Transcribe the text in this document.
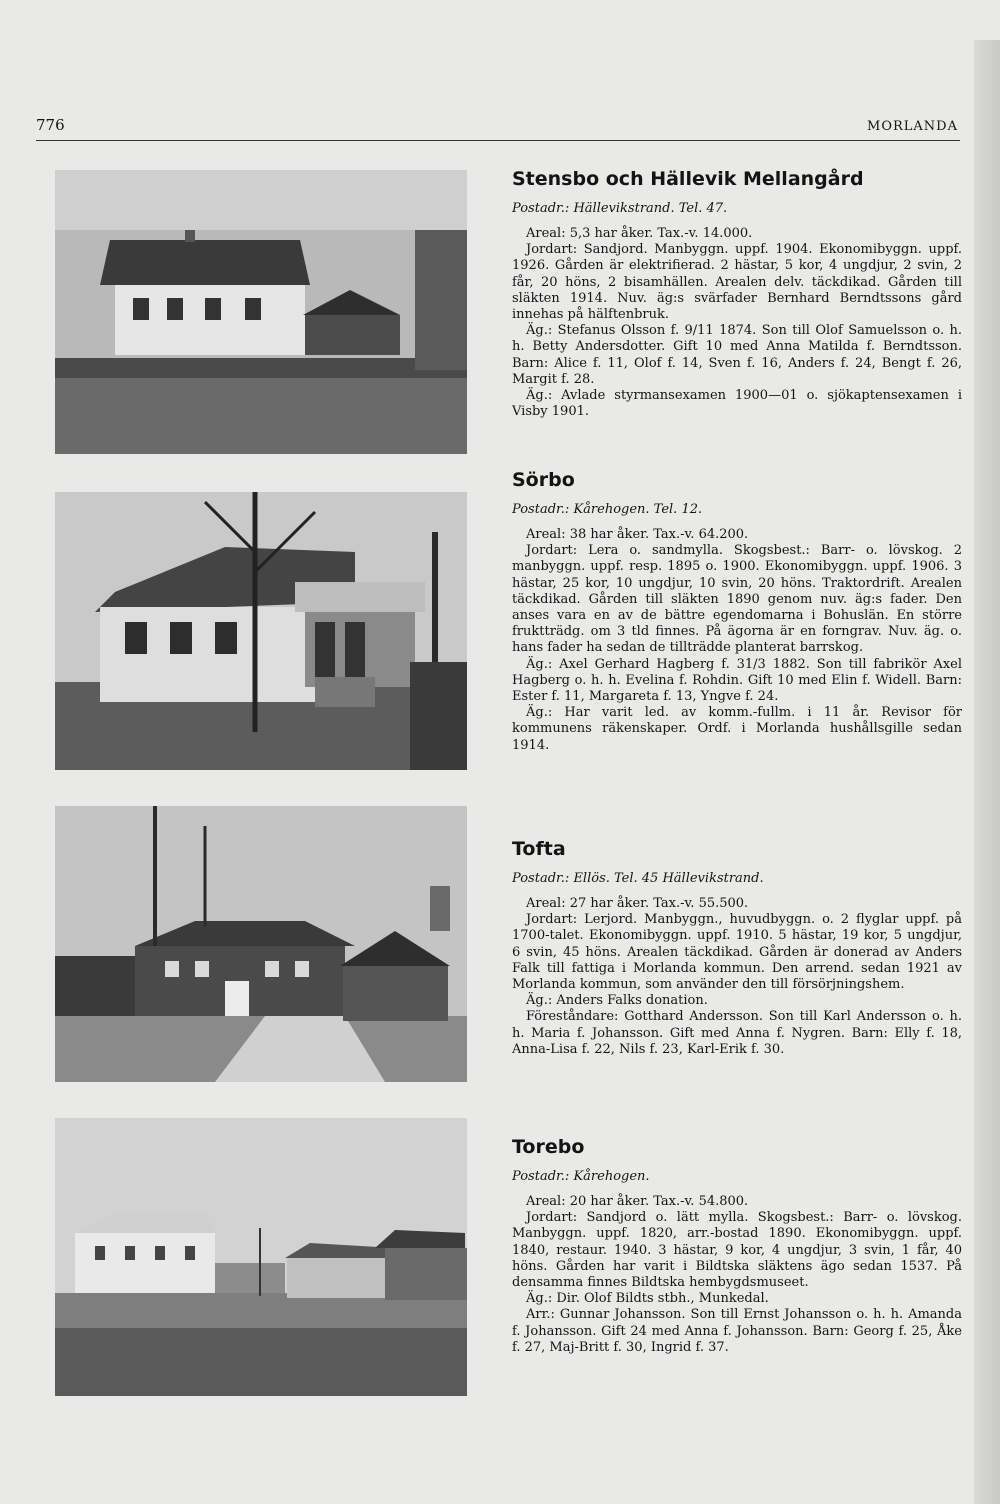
776	MORLANDA
Stensbo och Hällevik Mellangård
Postadr.: Hällevikstrand. Tel. 47.

Areal: 5,3 har åker. Tax.-v. 14.000.

Jordart: Sandjord. Manbyggn. uppf. 1904. Ekonomibyggn. uppf. 1926. Gården är elektrifierad. 2 hästar, 5 kor, 4 ungdjur, 2 svin, 2 får, 20 höns, 2 bisamhällen. Arealen delv. täckdikad. Gården till släkten 1914. Nuv. äg:s svärfader Bernhard Berndtssons gård innehas på hälftenbruk.

Äg.: Stefanus Olsson f. 9/11 1874. Son till Olof Samuelsson o. h. h. Betty Andersdotter. Gift 10 med Anna Matilda f. Berndtsson. Barn: Alice f. 11, Olof f. 14, Sven f. 16, Anders f. 24, Bengt f. 26, Margit f. 28.

Äg.: Avlade styrmansexamen 1900—01 o. sjökaptensexamen i Visby 1901.

Sörbo
Postadr.: Kårehogen. Tel. 12.

Areal: 38 har åker. Tax.-v. 64.200.

Jordart: Lera o. sandmylla. Skogsbest.: Barr- o. lövskog. 2 manbyggn. uppf. resp. 1895 o. 1900. Ekonomibyggn. uppf. 1906. 3 hästar, 25 kor, 10 ungdjur, 10 svin, 20 höns. Traktordrift. Arealen täckdikad. Gården till släkten 1890 genom nuv. äg:s fader. Den anses vara en av de bättre egendomarna i Bohuslän. En större fruktträdg. om 3 tld finnes. På ägorna är en forngrav. Nuv. äg. o. hans fader ha sedan de tillträdde planterat barrskog.

Äg.: Axel Gerhard Hagberg f. 31/3 1882. Son till fabrikör Axel Hagberg o. h. h. Evelina f. Rohdin. Gift 10 med Elin f. Widell. Barn: Ester f. 11, Margareta f. 13, Yngve f. 24.

Äg.: Har varit led. av komm.-fullm. i 11 år. Revisor för kommunens räkenskaper. Ordf. i Morlanda hushållsgille sedan 1914.

Tofta
Postadr.: Ellös. Tel. 45 Hällevikstrand.

Areal: 27 har åker. Tax.-v. 55.500.

Jordart: Lerjord. Manbyggn., huvudbyggn. o. 2 flyglar uppf. på 1700-talet. Ekonomibyggn. uppf. 1910. 5 hästar, 19 kor, 5 ungdjur, 6 svin, 45 höns. Arealen täckdikad. Gården är donerad av Anders Falk till fattiga i Morlanda kommun. Den arrend. sedan 1921 av Morlanda kommun, som använder den till försörjningshem.

Äg.: Anders Falks donation.

Föreståndare: Gotthard Andersson. Son till Karl Andersson o. h. h. Maria f. Johansson. Gift med Anna f. Nygren. Barn: Elly f. 18, Anna-Lisa f. 22, Nils f. 23, Karl-Erik f. 30.

Torebo
Postadr.: Kårehogen.

Areal: 20 har åker. Tax.-v. 54.800.

Jordart: Sandjord o. lätt mylla. Skogsbest.: Barr- o. lövskog. Manbyggn. uppf. 1820, arr.-bostad 1890. Ekonomibyggn. uppf. 1840, restaur. 1940. 3 hästar, 9 kor, 4 ungdjur, 3 svin, 1 får, 40 höns. Gården har varit i Bildtska släktens ägo sedan 1537. På densamma finnes Bildtska hembygdsmuseet.

Äg.: Dir. Olof Bildts stbh., Munkedal.

Arr.: Gunnar Johansson. Son till Ernst Johansson o. h. h. Amanda f. Johansson. Gift 24 med Anna f. Johansson. Barn: Georg f. 25, Åke f. 27, Maj-Britt f. 30, Ingrid f. 37.
